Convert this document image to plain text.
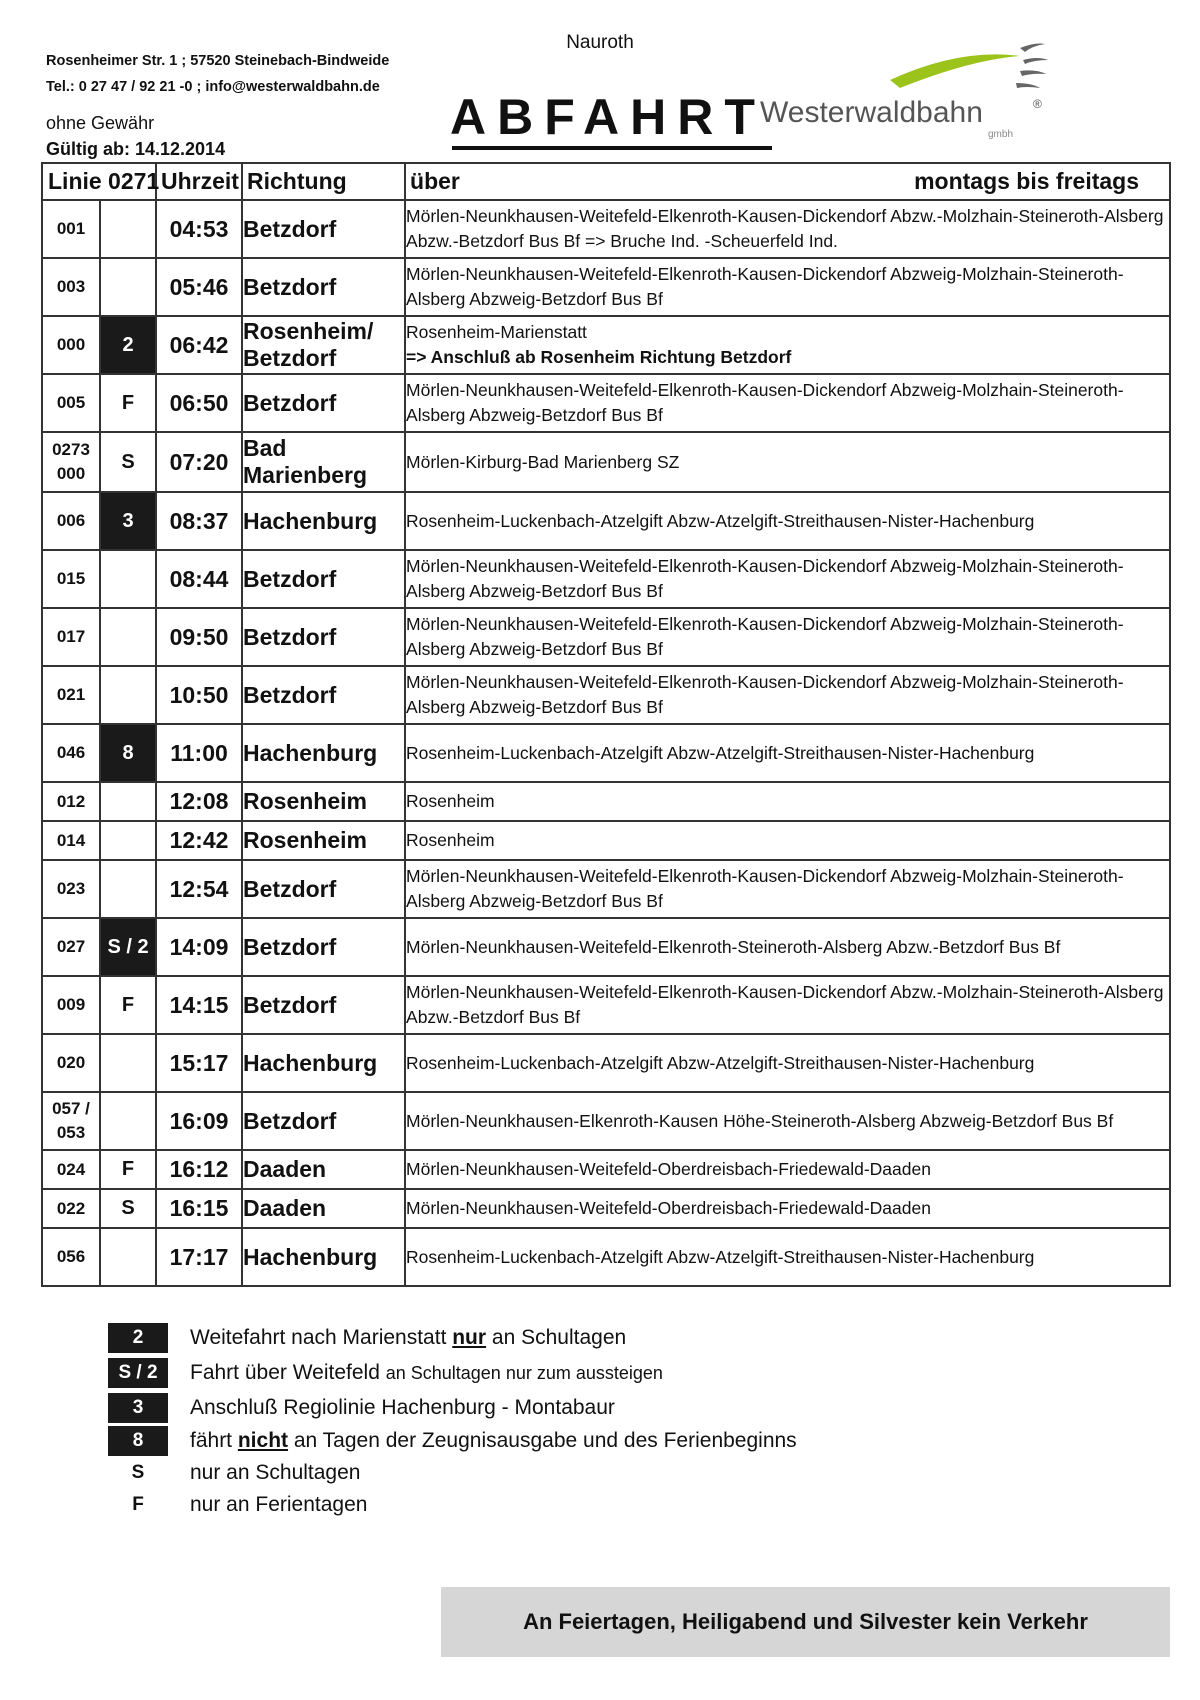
Nauroth
Rosenheimer Str. 1 ; 57520 Steinebach-Bindweide
Tel.: 0 27 47 / 92 21 -0 ; info@westerwaldbahn.de
ohne Gewähr
Gültig ab: 14.12.2014
ABFAHRT
Westerwaldbahn	®
gmbh
Linie 0271		Uhrzeit	Richtung	über montags bis freitags

001		04:53	Betzdorf	Mörlen-Neunkhausen-Weitefeld-Elkenroth-Kausen-Dickendorf Abzw.-Molzhain-Steineroth-Alsberg Abzw.-Betzdorf Bus Bf => Bruche Ind. -Scheuerfeld Ind.

003		05:46	Betzdorf	Mörlen-Neunkhausen-Weitefeld-Elkenroth-Kausen-Dickendorf Abzweig-Molzhain-Steineroth-Alsberg Abzweig-Betzdorf Bus Bf

000	2	06:42	Rosenheim/ Betzdorf	Rosenheim-Marienstatt
=> Anschluß ab Rosenheim Richtung Betzdorf

005	F	06:50	Betzdorf	Mörlen-Neunkhausen-Weitefeld-Elkenroth-Kausen-Dickendorf Abzweig-Molzhain-Steineroth-Alsberg Abzweig-Betzdorf Bus Bf

0273 000	S	07:20	Bad Marienberg	Mörlen-Kirburg-Bad Marienberg SZ

006	3	08:37	Hachenburg	Rosenheim-Luckenbach-Atzelgift Abzw-Atzelgift-Streithausen-Nister-Hachenburg

015		08:44	Betzdorf	Mörlen-Neunkhausen-Weitefeld-Elkenroth-Kausen-Dickendorf Abzweig-Molzhain-Steineroth-Alsberg Abzweig-Betzdorf Bus Bf

017		09:50	Betzdorf	Mörlen-Neunkhausen-Weitefeld-Elkenroth-Kausen-Dickendorf Abzweig-Molzhain-Steineroth-Alsberg Abzweig-Betzdorf Bus Bf

021		10:50	Betzdorf	Mörlen-Neunkhausen-Weitefeld-Elkenroth-Kausen-Dickendorf Abzweig-Molzhain-Steineroth-Alsberg Abzweig-Betzdorf Bus Bf

046	8	11:00	Hachenburg	Rosenheim-Luckenbach-Atzelgift Abzw-Atzelgift-Streithausen-Nister-Hachenburg

012		12:08	Rosenheim	Rosenheim

014		12:42	Rosenheim	Rosenheim

023		12:54	Betzdorf	Mörlen-Neunkhausen-Weitefeld-Elkenroth-Kausen-Dickendorf Abzweig-Molzhain-Steineroth-Alsberg Abzweig-Betzdorf Bus Bf

027	S / 2	14:09	Betzdorf	Mörlen-Neunkhausen-Weitefeld-Elkenroth-Steineroth-Alsberg Abzw.-Betzdorf Bus Bf

009	F	14:15	Betzdorf	Mörlen-Neunkhausen-Weitefeld-Elkenroth-Kausen-Dickendorf Abzw.-Molzhain-Steineroth-Alsberg Abzw.-Betzdorf Bus Bf

020		15:17	Hachenburg	Rosenheim-Luckenbach-Atzelgift Abzw-Atzelgift-Streithausen-Nister-Hachenburg

057 / 053		16:09	Betzdorf	Mörlen-Neunkhausen-Elkenroth-Kausen Höhe-Steineroth-Alsberg Abzweig-Betzdorf Bus Bf

024	F	16:12	Daaden	Mörlen-Neunkhausen-Weitefeld-Oberdreisbach-Friedewald-Daaden

022	S	16:15	Daaden	Mörlen-Neunkhausen-Weitefeld-Oberdreisbach-Friedewald-Daaden

056		17:17	Hachenburg	Rosenheim-Luckenbach-Atzelgift Abzw-Atzelgift-Streithausen-Nister-Hachenburg
2	Weitefahrt nach Marienstatt nur an Schultagen
S / 2	Fahrt über Weitefeld an Schultagen nur zum aussteigen
3	Anschluß Regiolinie Hachenburg - Montabaur
8	fährt nicht an Tagen der Zeugnisausgabe und des Ferienbeginns
S	nur an Schultagen
F	nur an Ferientagen
An Feiertagen, Heiligabend und Silvester kein Verkehr
